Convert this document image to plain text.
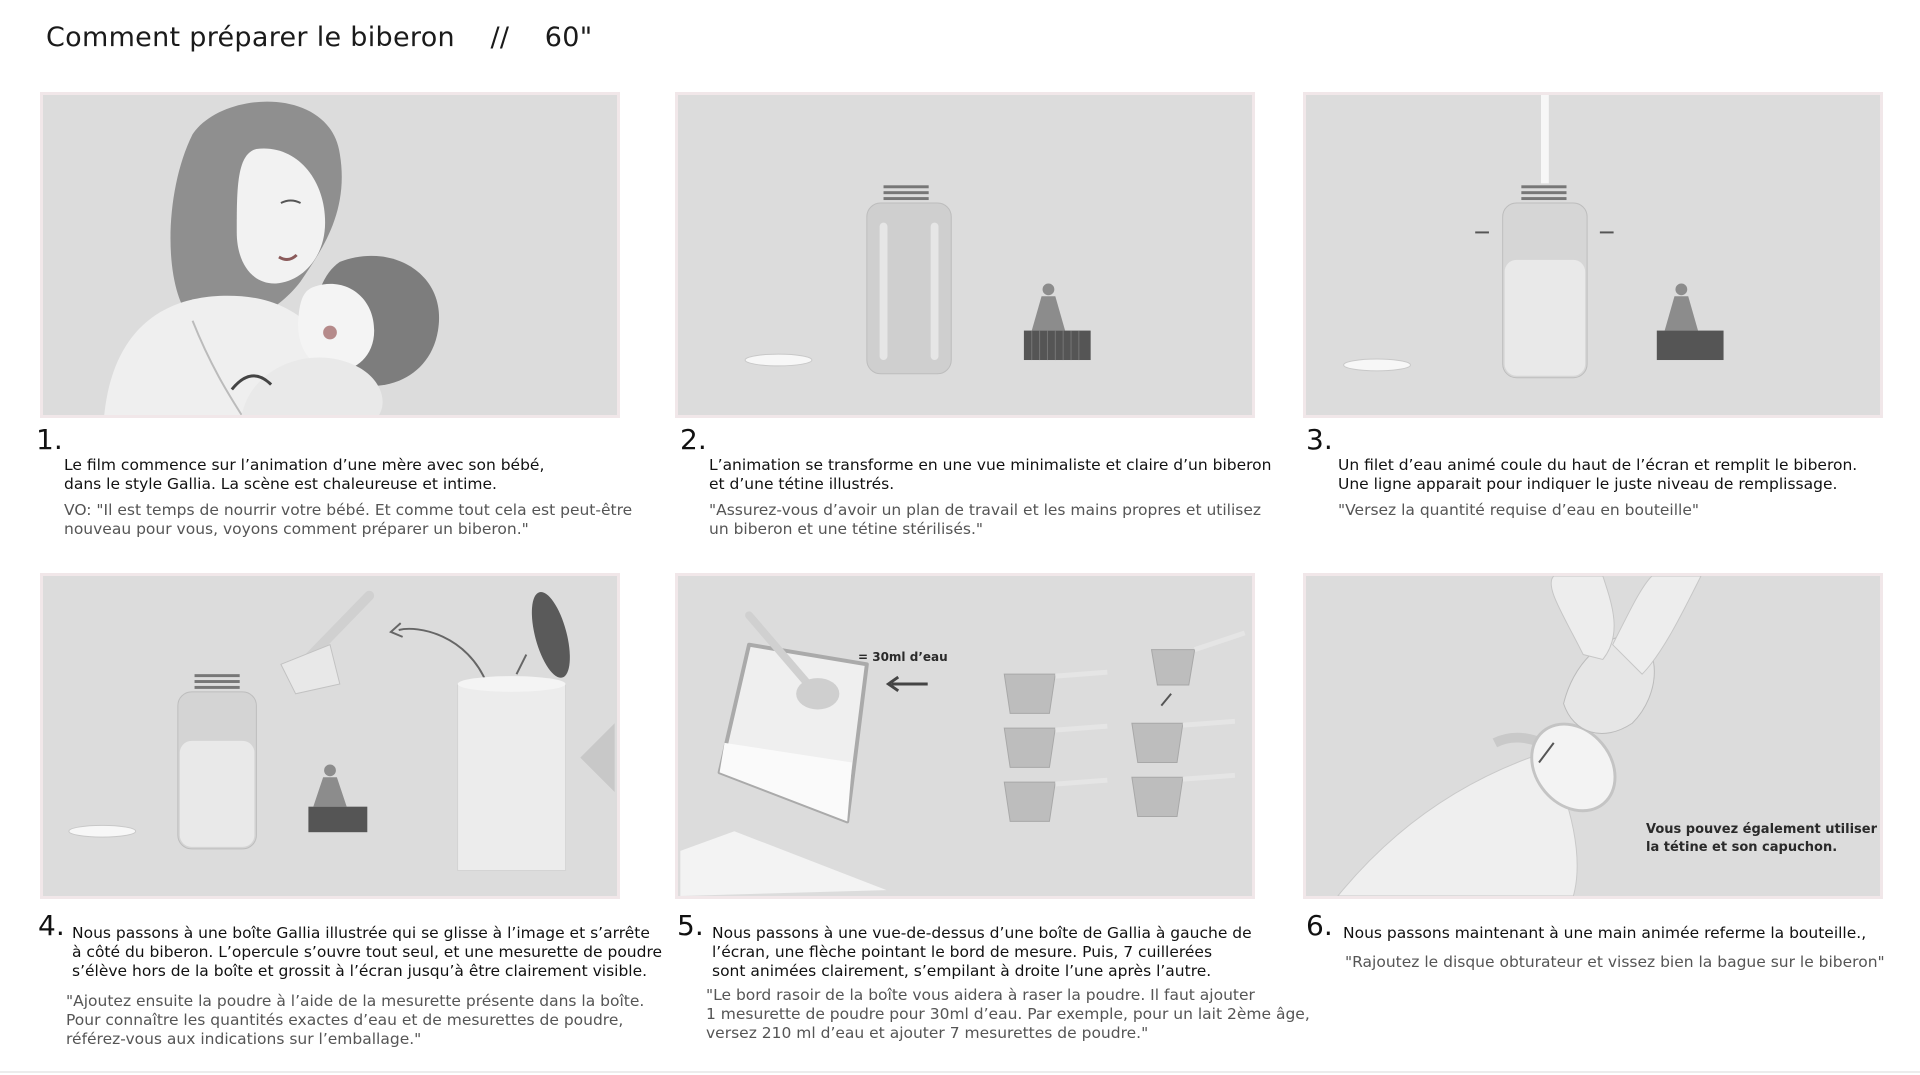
Comment préparer le biberon    //    60"
= 30ml d’eau
Vous pouvez également utiliser
la tétine et son capuchon.
1.	2.	3.
4.	5.	6.
Le film commence sur l’animation d’une mère avec son bébé,
dans le style Gallia. La scène est chaleureuse et intime.
VO: "Il est temps de nourrir votre bébé. Et comme tout cela est peut-être
nouveau pour vous, voyons comment préparer un biberon."
L’animation se transforme en une vue minimaliste et claire d’un biberon
et d’une tétine illustrés.
"Assurez-vous d’avoir un plan de travail et les mains propres et utilisez
un biberon et une tétine stérilisés."
Un filet d’eau animé coule du haut de l’écran et remplit le biberon.
Une ligne apparait pour indiquer le juste niveau de remplissage.
"Versez la quantité requise d’eau en bouteille"
Nous passons à une boîte Gallia illustrée qui se glisse à l’image et s’arrête
à côté du biberon. L’opercule s’ouvre tout seul, et une mesurette de poudre
s’élève hors de la boîte et grossit à l’écran jusqu’à être clairement visible.
"Ajoutez ensuite la poudre à l’aide de la mesurette présente dans la boîte.
Pour connaître les quantités exactes d’eau et de mesurettes de poudre,
référez-vous aux indications sur l’emballage."
Nous passons à une vue-de-dessus d’une boîte de Gallia à gauche de
l’écran, une flèche pointant le bord de mesure. Puis, 7 cuillerées
sont animées clairement, s’empilant à droite l’une après l’autre.
"Le bord rasoir de la boîte vous aidera à raser la poudre. Il faut ajouter
1 mesurette de poudre pour 30ml d’eau. Par exemple, pour un lait 2ème âge,
versez 210 ml d’eau et ajouter 7 mesurettes de poudre."
Nous passons maintenant à une main animée referme la bouteille.,
"Rajoutez le disque obturateur et vissez bien la bague sur le biberon"
